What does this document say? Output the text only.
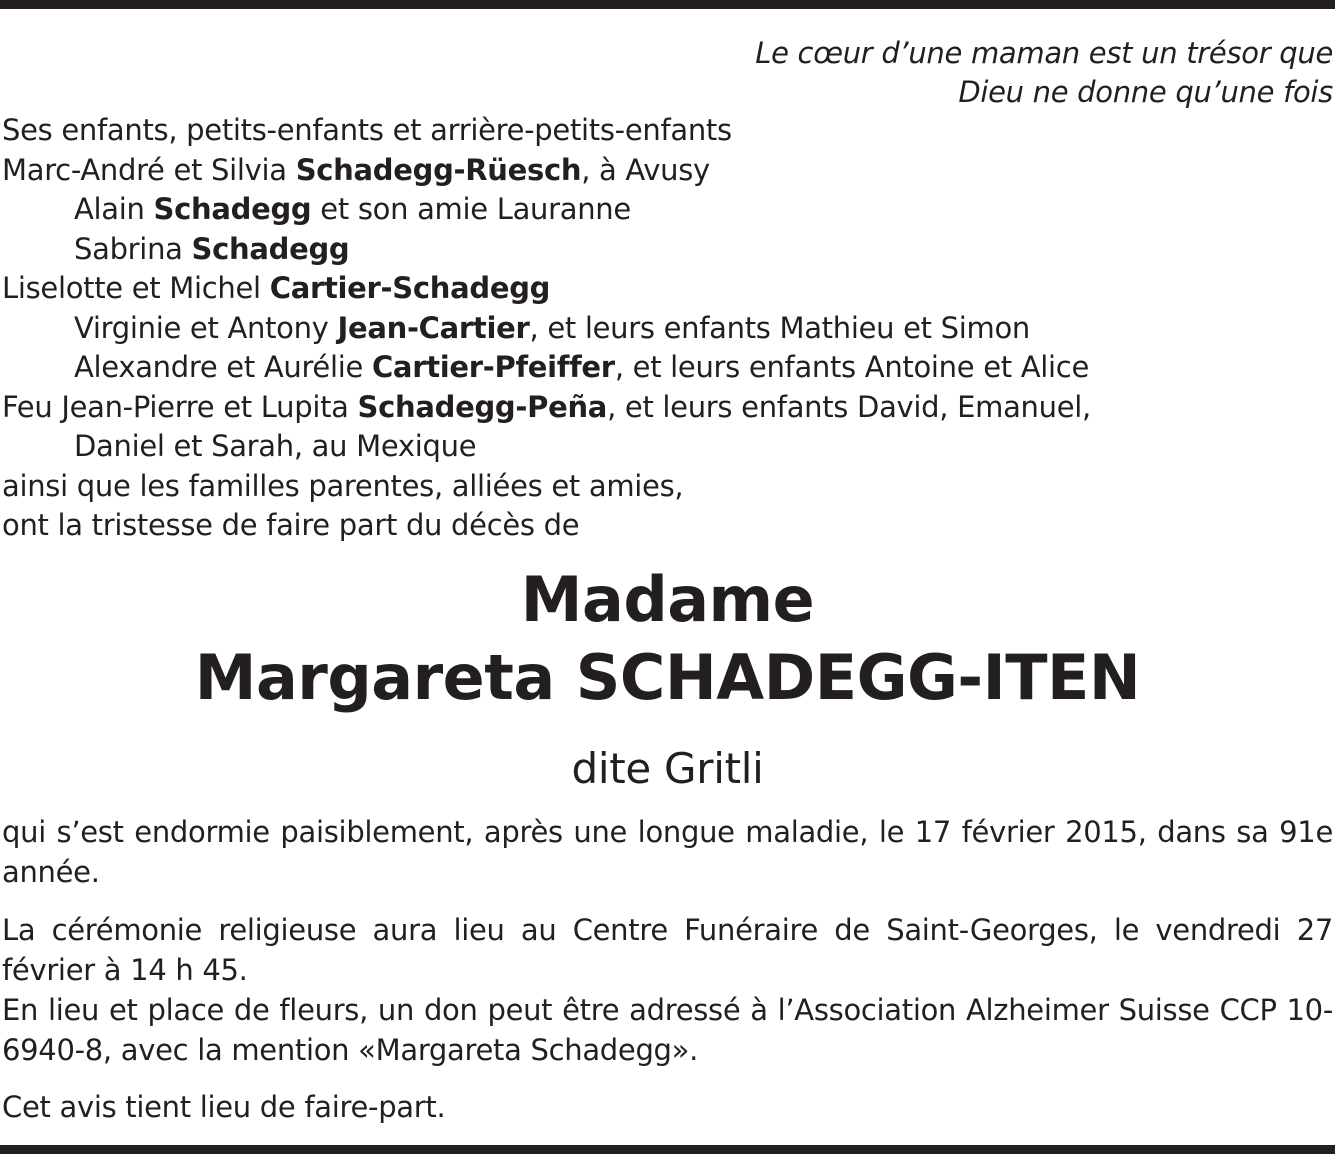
Le cœur d’une maman est un trésor que
Dieu ne donne qu’une fois
Ses enfants, petits-enfants et arrière-petits-enfants
Marc-André et Silvia Schadegg-Rüesch, à Avusy
Alain Schadegg et son amie Lauranne
Sabrina Schadegg
Liselotte et Michel Cartier-Schadegg
Virginie et Antony Jean-Cartier, et leurs enfants Mathieu et Simon
Alexandre et Aurélie Cartier-Pfeiffer, et leurs enfants Antoine et Alice
Feu Jean-Pierre et Lupita Schadegg-Peña, et leurs enfants David, Emanuel,
Daniel et Sarah, au Mexique
ainsi que les familles parentes, alliées et amies,
ont la tristesse de faire part du décès de
Madame
Margareta SCHADEGG-ITEN
dite Gritli
qui s’est endormie paisiblement, après une longue maladie, le 17 février 2015, dans sa 91e année.
La cérémonie religieuse aura lieu au Centre Funéraire de Saint-Georges, le vendredi 27 février à 14 h 45.
En lieu et place de fleurs, un don peut être adressé à l’Association Alzheimer Suisse CCP 10-6940-8, avec la mention «Margareta Schadegg».
Cet avis tient lieu de faire-part.
